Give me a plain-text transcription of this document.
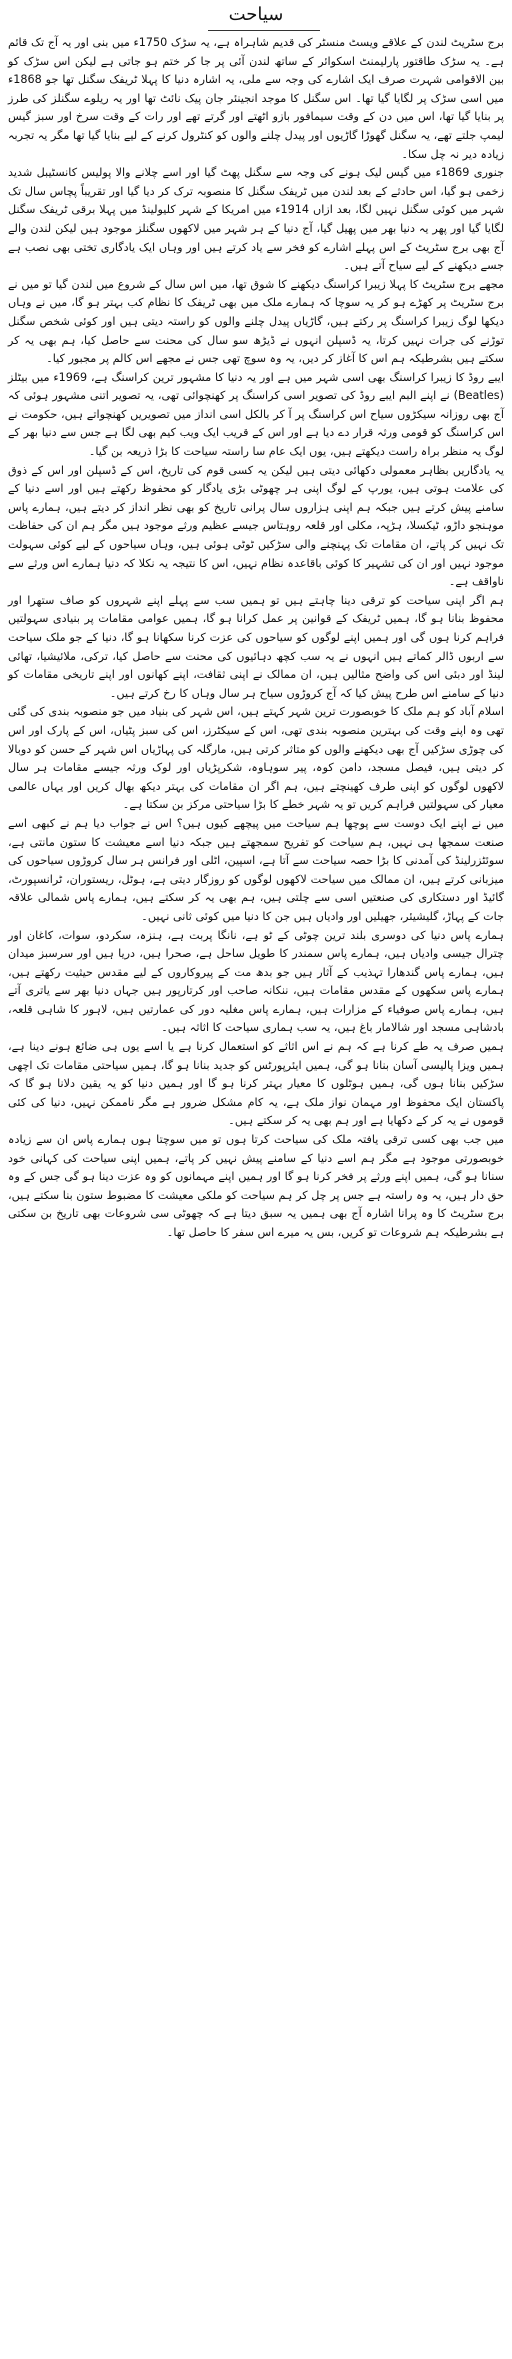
سیاحت

برج سٹریٹ لندن کے علاقے ویسٹ منسٹر کی قدیم شاہراہ ہے، یہ سڑک 1750ء میں بنی اور یہ آج تک قائم ہے۔ یہ سڑک طاقتور پارلیمنٹ اسکوائر کے ساتھ لندن آئی پر جا کر ختم ہو جاتی ہے لیکن اس سڑک کو بین الاقوامی شہرت صرف ایک اشارے کی وجہ سے ملی، یہ اشارہ دنیا کا پہلا ٹریفک سگنل تھا جو 1868ء میں اسی سڑک پر لگایا گیا تھا۔ اس سگنل کا موجد انجینئر جان پیک نائٹ تھا اور یہ ریلوے سگنلز کی طرز پر بنایا گیا تھا، اس میں دن کے وقت سیمافور بازو اٹھتے اور گرتے تھے اور رات کے وقت سرخ اور سبز گیس لیمپ جلتے تھے، یہ سگنل گھوڑا گاڑیوں اور پیدل چلنے والوں کو کنٹرول کرنے کے لیے بنایا گیا تھا مگر یہ تجربہ زیادہ دیر نہ چل سکا۔

جنوری 1869ء میں گیس لیک ہونے کی وجہ سے سگنل پھٹ گیا اور اسے چلانے والا پولیس کانسٹیبل شدید زخمی ہو گیا، اس حادثے کے بعد لندن میں ٹریفک سگنل کا منصوبہ ترک کر دیا گیا اور تقریباً پچاس سال تک شہر میں کوئی سگنل نہیں لگا، بعد ازاں 1914ء میں امریکا کے شہر کلیولینڈ میں پہلا برقی ٹریفک سگنل لگایا گیا اور پھر یہ دنیا بھر میں پھیل گیا، آج دنیا کے ہر شہر میں لاکھوں سگنلز موجود ہیں لیکن لندن والے آج بھی برج سٹریٹ کے اس پہلے اشارے کو فخر سے یاد کرتے ہیں اور وہاں ایک یادگاری تختی بھی نصب ہے جسے دیکھنے کے لیے سیاح آتے ہیں۔

مجھے برج سٹریٹ کا پہلا زیبرا کراسنگ دیکھنے کا شوق تھا، میں اس سال کے شروع میں لندن گیا تو میں نے برج سٹریٹ پر کھڑے ہو کر یہ سوچا کہ ہمارے ملک میں بھی ٹریفک کا نظام کب بہتر ہو گا، میں نے وہاں دیکھا لوگ زیبرا کراسنگ پر رکتے ہیں، گاڑیاں پیدل چلنے والوں کو راستہ دیتی ہیں اور کوئی شخص سگنل توڑنے کی جرات نہیں کرتا، یہ ڈسپلن انہوں نے ڈیڑھ سو سال کی محنت سے حاصل کیا، ہم بھی یہ کر سکتے ہیں بشرطیکہ ہم اس کا آغاز کر دیں، یہ وہ سوچ تھی جس نے مجھے اس کالم پر مجبور کیا۔

ایبے روڈ کا زیبرا کراسنگ بھی اسی شہر میں ہے اور یہ دنیا کا مشہور ترین کراسنگ ہے، 1969ء میں بیٹلز (Beatles) نے اپنے البم ایبے روڈ کی تصویر اسی کراسنگ پر کھنچوائی تھی، یہ تصویر اتنی مشہور ہوئی کہ آج بھی روزانہ سیکڑوں سیاح اس کراسنگ پر آ کر بالکل اسی انداز میں تصویریں کھنچواتے ہیں، حکومت نے اس کراسنگ کو قومی ورثہ قرار دے دیا ہے اور اس کے قریب ایک ویب کیم بھی لگا ہے جس سے دنیا بھر کے لوگ یہ منظر براہ راست دیکھتے ہیں، یوں ایک عام سا راستہ سیاحت کا بڑا ذریعہ بن گیا۔

یہ یادگاریں بظاہر معمولی دکھائی دیتی ہیں لیکن یہ کسی قوم کی تاریخ، اس کے ڈسپلن اور اس کے ذوق کی علامت ہوتی ہیں، یورپ کے لوگ اپنی ہر چھوٹی بڑی یادگار کو محفوظ رکھتے ہیں اور اسے دنیا کے سامنے پیش کرتے ہیں جبکہ ہم اپنی ہزاروں سال پرانی تاریخ کو بھی نظر انداز کر دیتے ہیں، ہمارے پاس موہنجو داڑو، ٹیکسلا، ہڑپہ، مکلی اور قلعہ روہتاس جیسے عظیم ورثے موجود ہیں مگر ہم ان کی حفاظت تک نہیں کر پاتے، ان مقامات تک پہنچنے والی سڑکیں ٹوٹی ہوئی ہیں، وہاں سیاحوں کے لیے کوئی سہولت موجود نہیں اور ان کی تشہیر کا کوئی باقاعدہ نظام نہیں، اس کا نتیجہ یہ نکلا کہ دنیا ہمارے اس ورثے سے ناواقف ہے۔

ہم اگر اپنی سیاحت کو ترقی دینا چاہتے ہیں تو ہمیں سب سے پہلے اپنے شہروں کو صاف ستھرا اور محفوظ بنانا ہو گا، ہمیں ٹریفک کے قوانین پر عمل کرانا ہو گا، ہمیں عوامی مقامات پر بنیادی سہولتیں فراہم کرنا ہوں گی اور ہمیں اپنے لوگوں کو سیاحوں کی عزت کرنا سکھانا ہو گا، دنیا کے جو ملک سیاحت سے اربوں ڈالر کماتے ہیں انہوں نے یہ سب کچھ دہائیوں کی محنت سے حاصل کیا، ترکی، ملائیشیا، تھائی لینڈ اور دبئی اس کی واضح مثالیں ہیں، ان ممالک نے اپنی ثقافت، اپنے کھانوں اور اپنے تاریخی مقامات کو دنیا کے سامنے اس طرح پیش کیا کہ آج کروڑوں سیاح ہر سال وہاں کا رخ کرتے ہیں۔

اسلام آباد کو ہم ملک کا خوبصورت ترین شہر کہتے ہیں، اس شہر کی بنیاد میں جو منصوبہ بندی کی گئی تھی وہ اپنے وقت کی بہترین منصوبہ بندی تھی، اس کے سیکٹرز، اس کی سبز پٹیاں، اس کے پارک اور اس کی چوڑی سڑکیں آج بھی دیکھنے والوں کو متاثر کرتی ہیں، مارگلہ کی پہاڑیاں اس شہر کے حسن کو دوبالا کر دیتی ہیں، فیصل مسجد، دامن کوہ، پیر سوہاوہ، شکرپڑیاں اور لوک ورثہ جیسے مقامات ہر سال لاکھوں لوگوں کو اپنی طرف کھینچتے ہیں، ہم اگر ان مقامات کی بہتر دیکھ بھال کریں اور یہاں عالمی معیار کی سہولتیں فراہم کریں تو یہ شہر خطے کا بڑا سیاحتی مرکز بن سکتا ہے۔

میں نے اپنے ایک دوست سے پوچھا ہم سیاحت میں پیچھے کیوں ہیں؟ اس نے جواب دیا ہم نے کبھی اسے صنعت سمجھا ہی نہیں، ہم سیاحت کو تفریح سمجھتے ہیں جبکہ دنیا اسے معیشت کا ستون مانتی ہے، سوئٹزرلینڈ کی آمدنی کا بڑا حصہ سیاحت سے آتا ہے، اسپین، اٹلی اور فرانس ہر سال کروڑوں سیاحوں کی میزبانی کرتے ہیں، ان ممالک میں سیاحت لاکھوں لوگوں کو روزگار دیتی ہے، ہوٹل، ریستوران، ٹرانسپورٹ، گائیڈ اور دستکاری کی صنعتیں اسی سے چلتی ہیں، ہم بھی یہ کر سکتے ہیں، ہمارے پاس شمالی علاقہ جات کے پہاڑ، گلیشیئر، جھیلیں اور وادیاں ہیں جن کا دنیا میں کوئی ثانی نہیں۔

ہمارے پاس دنیا کی دوسری بلند ترین چوٹی کے ٹو ہے، نانگا پربت ہے، ہنزہ، سکردو، سوات، کاغان اور چترال جیسی وادیاں ہیں، ہمارے پاس سمندر کا طویل ساحل ہے، صحرا ہیں، دریا ہیں اور سرسبز میدان ہیں، ہمارے پاس گندھارا تہذیب کے آثار ہیں جو بدھ مت کے پیروکاروں کے لیے مقدس حیثیت رکھتے ہیں، ہمارے پاس سکھوں کے مقدس مقامات ہیں، ننکانہ صاحب اور کرتارپور ہیں جہاں دنیا بھر سے یاتری آتے ہیں، ہمارے پاس صوفیاء کے مزارات ہیں، ہمارے پاس مغلیہ دور کی عمارتیں ہیں، لاہور کا شاہی قلعہ، بادشاہی مسجد اور شالامار باغ ہیں، یہ سب ہماری سیاحت کا اثاثہ ہیں۔

ہمیں صرف یہ طے کرنا ہے کہ ہم نے اس اثاثے کو استعمال کرنا ہے یا اسے یوں ہی ضائع ہونے دینا ہے، ہمیں ویزا پالیسی آسان بنانا ہو گی، ہمیں ایئرپورٹس کو جدید بنانا ہو گا، ہمیں سیاحتی مقامات تک اچھی سڑکیں بنانا ہوں گی، ہمیں ہوٹلوں کا معیار بہتر کرنا ہو گا اور ہمیں دنیا کو یہ یقین دلانا ہو گا کہ پاکستان ایک محفوظ اور مہمان نواز ملک ہے، یہ کام مشکل ضرور ہے مگر ناممکن نہیں، دنیا کی کئی قوموں نے یہ کر کے دکھایا ہے اور ہم بھی یہ کر سکتے ہیں۔

میں جب بھی کسی ترقی یافتہ ملک کی سیاحت کرتا ہوں تو میں سوچتا ہوں ہمارے پاس ان سے زیادہ خوبصورتی موجود ہے مگر ہم اسے دنیا کے سامنے پیش نہیں کر پاتے، ہمیں اپنی سیاحت کی کہانی خود سنانا ہو گی، ہمیں اپنے ورثے پر فخر کرنا ہو گا اور ہمیں اپنے مہمانوں کو وہ عزت دینا ہو گی جس کے وہ حق دار ہیں، یہ وہ راستہ ہے جس پر چل کر ہم سیاحت کو ملکی معیشت کا مضبوط ستون بنا سکتے ہیں، برج سٹریٹ کا وہ پرانا اشارہ آج بھی ہمیں یہ سبق دیتا ہے کہ چھوٹی سی شروعات بھی تاریخ بن سکتی ہے بشرطیکہ ہم شروعات تو کریں، بس یہ میرے اس سفر کا حاصل تھا۔
